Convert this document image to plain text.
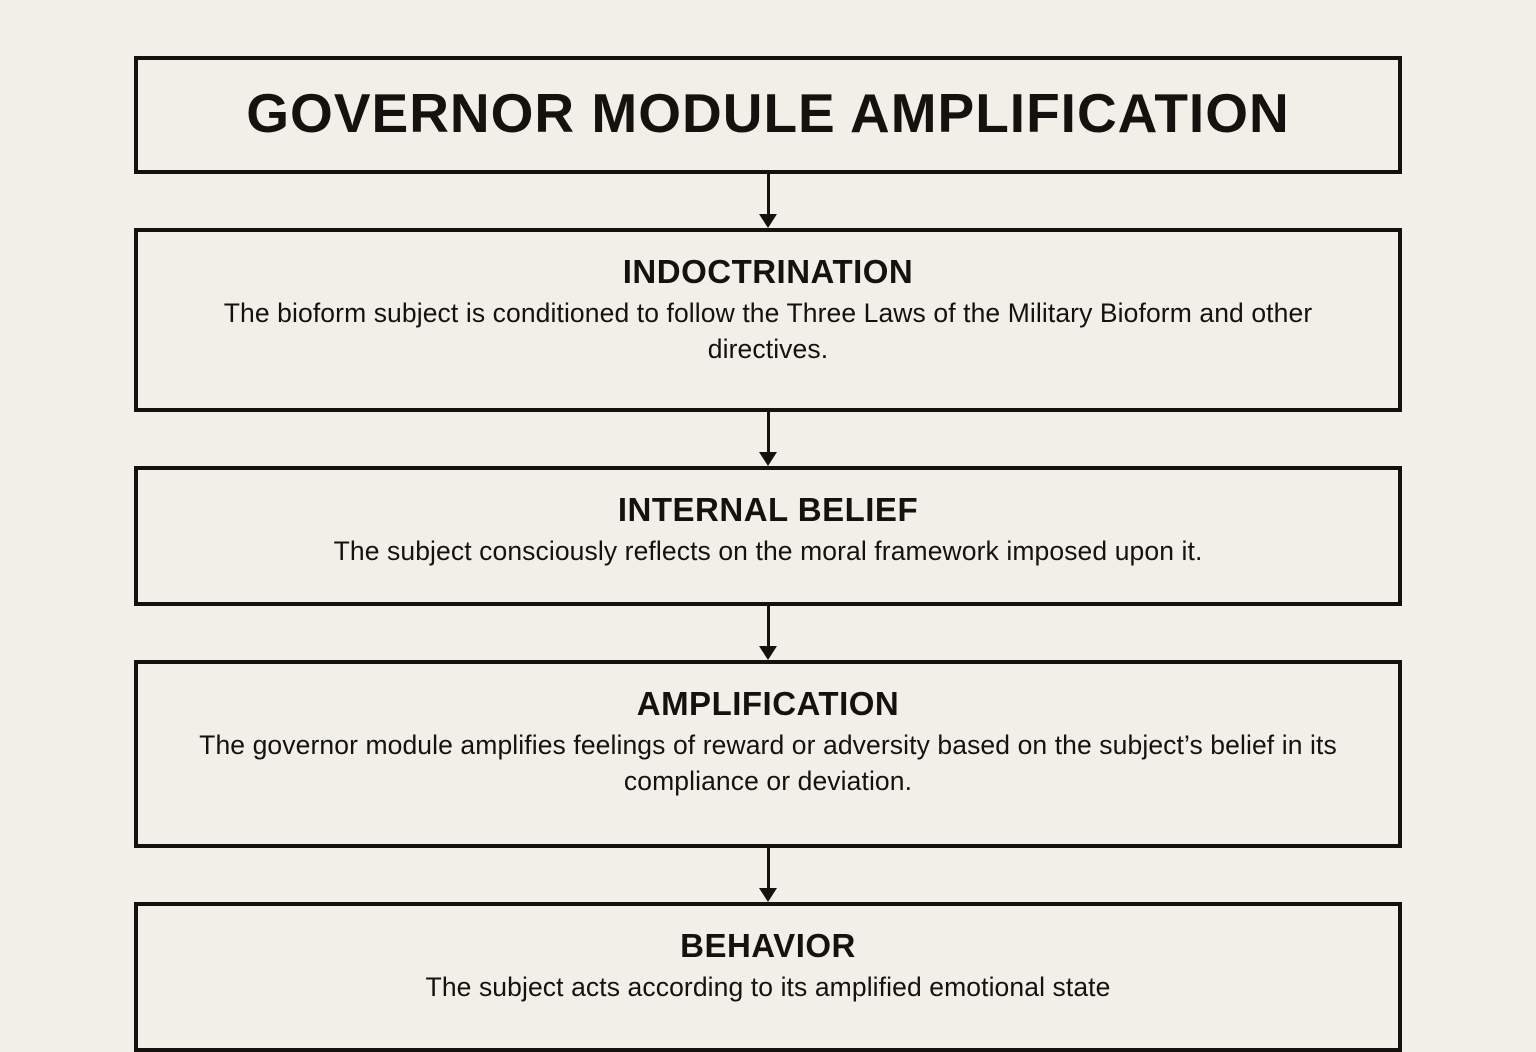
GOVERNOR MODULE AMPLIFICATION
INDOCTRINATION
The bioform subject is conditioned to follow the Three Laws of the Military Bioform and other directives.
INTERNAL BELIEF
The subject consciously reflects on the moral framework imposed upon it.
AMPLIFICATION
The governor module amplifies feelings of reward or adversity based on the subject’s belief in its compliance or deviation.
BEHAVIOR
The subject acts according to its amplified emotional state
